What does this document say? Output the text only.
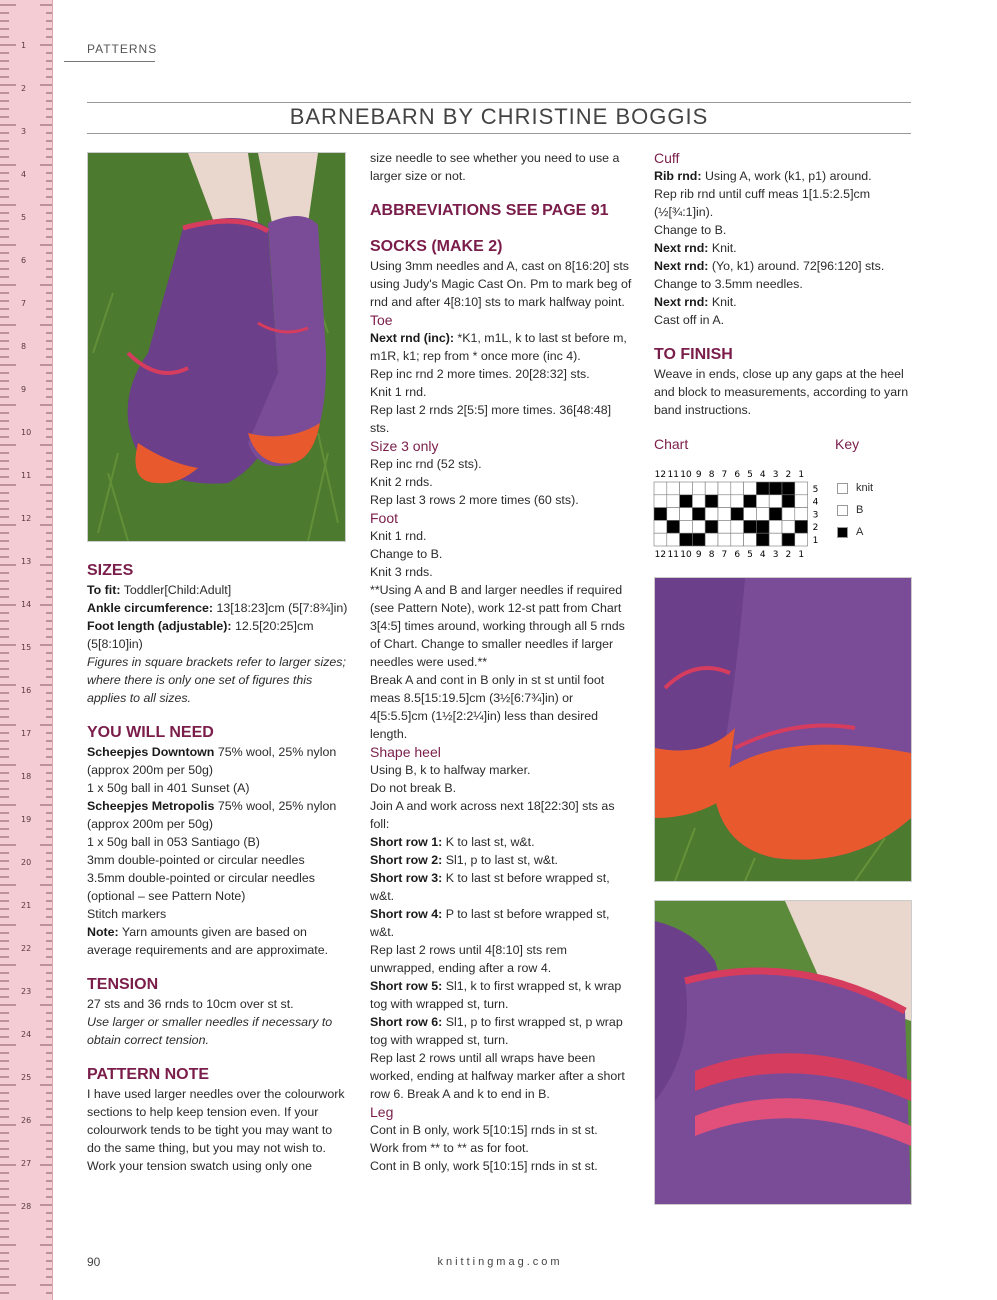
1
2
3
4
5
6
7
8
9
10
11
12
13
14
15
16
17
18
19
20
21
22
23
24
25
26
27
28
PATTERNS
BARNEBARN BY CHRISTINE BOGGIS

SIZES

To fit: Toddler[Child:Adult]

Ankle circumference: 13[18:23]cm (5[7:8¾]in)

Foot length (adjustable): 12.5[20:25]cm (5[8:10]in)

Figures in square brackets refer to larger sizes; where there is only one set of figures this applies to all sizes.

YOU WILL NEED

Scheepjes Downtown 75% wool, 25% nylon (approx 200m per 50g)

1 x 50g ball in 401 Sunset (A)

Scheepjes Metropolis 75% wool, 25% nylon (approx 200m per 50g)

1 x 50g ball in 053 Santiago (B)

3mm double-pointed or circular needles

3.5mm double-pointed or circular needles (optional – see Pattern Note)

Stitch markers

Note: Yarn amounts given are based on average requirements and are approximate.

TENSION

27 sts and 36 rnds to 10cm over st st.

Use larger or smaller needles if necessary to obtain correct tension.

PATTERN NOTE

I have used larger needles over the colourwork sections to help keep tension even. If your colourwork tends to be tight you may want to do the same thing, but you may not wish to.

Work your tension swatch using only one

size needle to see whether you need to use a larger size or not.

ABBREVIATIONS SEE PAGE 91

SOCKS (MAKE 2)

Using 3mm needles and A, cast on 8[16:20] sts using Judy's Magic Cast On. Pm to mark beg of rnd and after 4[8:10] sts to mark halfway point.

Toe

Next rnd (inc): *K1, m1L, k to last st before m, m1R, k1; rep from * once more (inc 4).

Rep inc rnd 2 more times. 20[28:32] sts.

Knit 1 rnd.

Rep last 2 rnds 2[5:5] more times. 36[48:48] sts.

Size 3 only

Rep inc rnd (52 sts).

Knit 2 rnds.

Rep last 3 rows 2 more times (60 sts).

Foot

Knit 1 rnd.

Change to B.

Knit 3 rnds.

**Using A and B and larger needles if required (see Pattern Note), work 12-st patt from Chart 3[4:5] times around, working through all 5 rnds of Chart. Change to smaller needles if larger needles were used.**

Break A and cont in B only in st st until foot meas 8.5[15:19.5]cm (3½[6:7¾]in) or 4[5:5.5]cm (1½[2:2¼]in) less than desired length.

Shape heel

Using B, k to halfway marker.

Do not break B.

Join A and work across next 18[22:30] sts as foll:

Short row 1: K to last st, w&t.

Short row 2: Sl1, p to last st, w&t.

Short row 3: K to last st before wrapped st, w&t.

Short row 4: P to last st before wrapped st, w&t.

Rep last 2 rows until 4[8:10] sts rem unwrapped, ending after a row 4.

Short row 5: Sl1, k to first wrapped st, k wrap tog with wrapped st, turn.

Short row 6: Sl1, p to first wrapped st, p wrap tog with wrapped st, turn.

Rep last 2 rows until all wraps have been worked, ending at halfway marker after a short row 6. Break A and k to end in B.

Leg

Cont in B only, work 5[10:15] rnds in st st.

Work from ** to ** as for foot.

Cont in B only, work 5[10:15] rnds in st st.

Cuff

Rib rnd: Using A, work (k1, p1) around.

Rep rib rnd until cuff meas 1[1.5:2.5]cm (½[¾:1]in).

Change to B.

Next rnd: Knit.

Next rnd: (Yo, k1) around. 72[96:120] sts.

Change to 3.5mm needles.

Next rnd: Knit.

Cast off in A.

TO FINISH

Weave in ends, close up any gaps at the heel and block to measurements, according to yarn band instructions.

Chart	Key
12
12
11
11
10
10
9
9
8
8
7
7
6
6
5
5
4
4
3
3
2
2
1
1
5
4
3
2
1
knit
B
A
90	knittingmag.com
